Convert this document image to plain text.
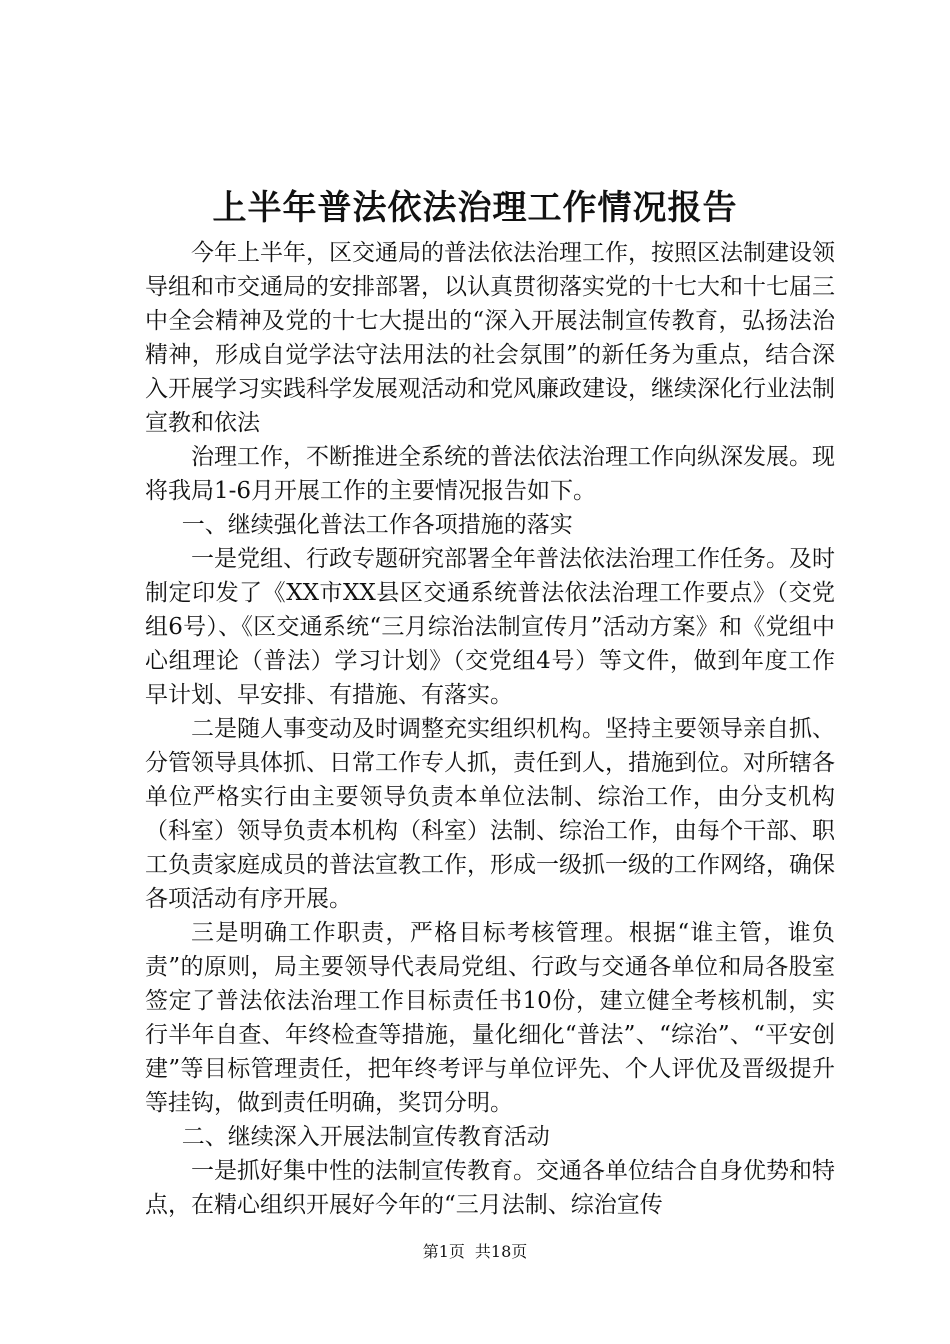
上半年普法依法治理工作情况报告

今年上半年，区交通局的普法依法治理工作，按照区法制建设领导组和市交通局的安排部署，以认真贯彻落实党的十七大和十七届三中全会精神及党的十七大提出的“深入开展法制宣传教育，弘扬法治精神，形成自觉学法守法用法的社会氛围”的新任务为重点，结合深入开展学习实践科学发展观活动和党风廉政建设，继续深化行业法制宣教和依法

治理工作，不断推进全系统的普法依法治理工作向纵深发展。现将我局1-6月开展工作的主要情况报告如下。

一、继续强化普法工作各项措施的落实

一是党组、行政专题研究部署全年普法依法治理工作任务。及时制定印发了《XX市XX县区交通系统普法依法治理工作要点》（交党组6号）、《区交通系统“三月综治法制宣传月”活动方案》和《党组中心组理论（普法）学习计划》（交党组4号）等文件，做到年度工作早计划、早安排、有措施、有落实。

二是随人事变动及时调整充实组织机构。坚持主要领导亲自抓、分管领导具体抓、日常工作专人抓，责任到人，措施到位。对所辖各单位严格实行由主要领导负责本单位法制、综治工作，由分支机构（科室）领导负责本机构（科室）法制、综治工作，由每个干部、职工负责家庭成员的普法宣教工作，形成一级抓一级的工作网络，确保各项活动有序开展。

三是明确工作职责，严格目标考核管理。根据“谁主管，谁负责”的原则，局主要领导代表局党组、行政与交通各单位和局各股室签定了普法依法治理工作目标责任书10份，建立健全考核机制，实行半年自查、年终检查等措施，量化细化“普法”、“综治”、“平安创建”等目标管理责任，把年终考评与单位评先、个人评优及晋级提升等挂钩，做到责任明确，奖罚分明。

二、继续深入开展法制宣传教育活动

一是抓好集中性的法制宣传教育。交通各单位结合自身优势和特点，在精心组织开展好今年的“三月法制、综治宣传

第1页 共18页
